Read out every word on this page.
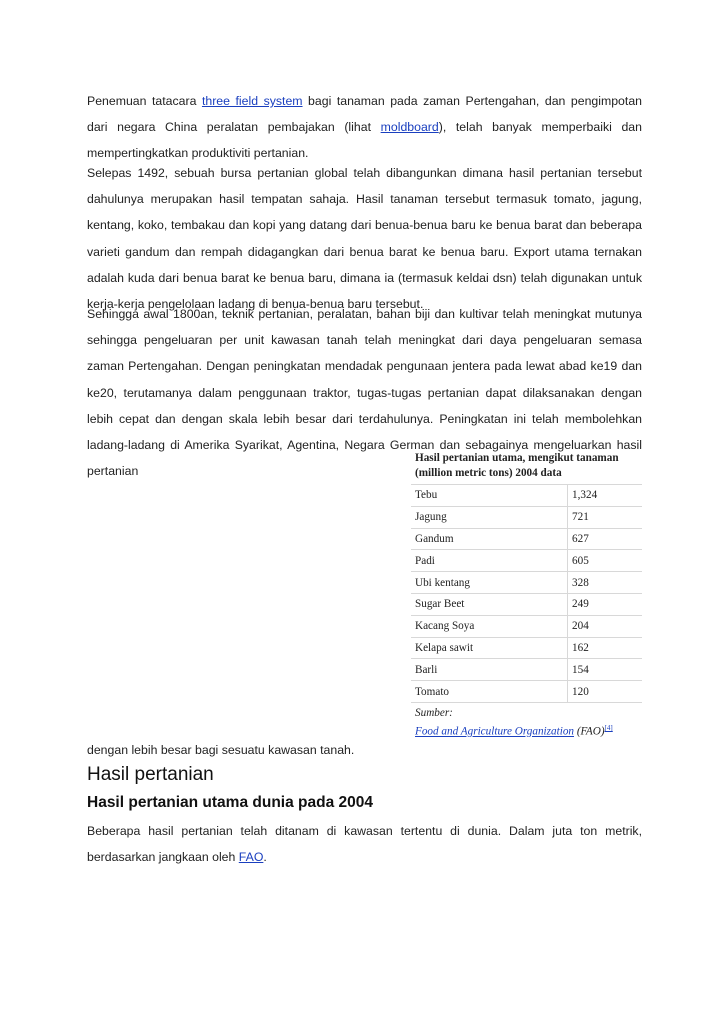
Penemuan tatacara three field system bagi tanaman pada zaman Pertengahan, dan pengimpotan dari negara China peralatan pembajakan (lihat moldboard), telah banyak memperbaiki dan mempertingkatkan produktiviti pertanian.

Selepas 1492, sebuah bursa pertanian global telah dibangunkan dimana hasil pertanian tersebut dahulunya merupakan hasil tempatan sahaja. Hasil tanaman tersebut termasuk tomato, jagung, kentang, koko, tembakau dan kopi yang datang dari benua-benua baru ke benua barat dan beberapa varieti gandum dan rempah didagangkan dari benua barat ke benua baru. Export utama ternakan adalah kuda dari benua barat ke benua baru, dimana ia (termasuk keldai dsn) telah digunakan untuk kerja-kerja pengelolaan ladang di benua-benua baru tersebut.

Sehingga awal 1800an, teknik pertanian, peralatan, bahan biji dan kultivar telah meningkat mutunya sehingga pengeluaran per unit kawasan tanah telah meningkat dari daya pengeluaran semasa zaman Pertengahan. Dengan peningkatan mendadak pengunaan jentera pada lewat abad ke19 dan ke20, terutamanya dalam penggunaan traktor, tugas-tugas pertanian dapat dilaksanakan dengan lebih cepat dan dengan skala lebih besar dari terdahulunya. Peningkatan ini telah membolehkan ladang-ladang di Amerika Syarikat, Agentina, Negara German dan sebagainya mengeluarkan hasil pertanian

Hasil pertanian utama, mengikut tanaman (million metric tons) 2004 data	
Tebu	1,324
Jagung	721
Gandum	627
Padi	605
Ubi kentang	328
Sugar Beet	249
Kacang Soya	204
Kelapa sawit	162
Barli	154
Tomato	120
Sumber:
Food and Agriculture Organization (FAO)[4]

dengan lebih besar bagi sesuatu kawasan tanah.

Hasil pertanian
Hasil pertanian utama dunia pada 2004

Beberapa hasil pertanian telah ditanam di kawasan tertentu di dunia. Dalam juta ton metrik, berdasarkan jangkaan oleh FAO.
